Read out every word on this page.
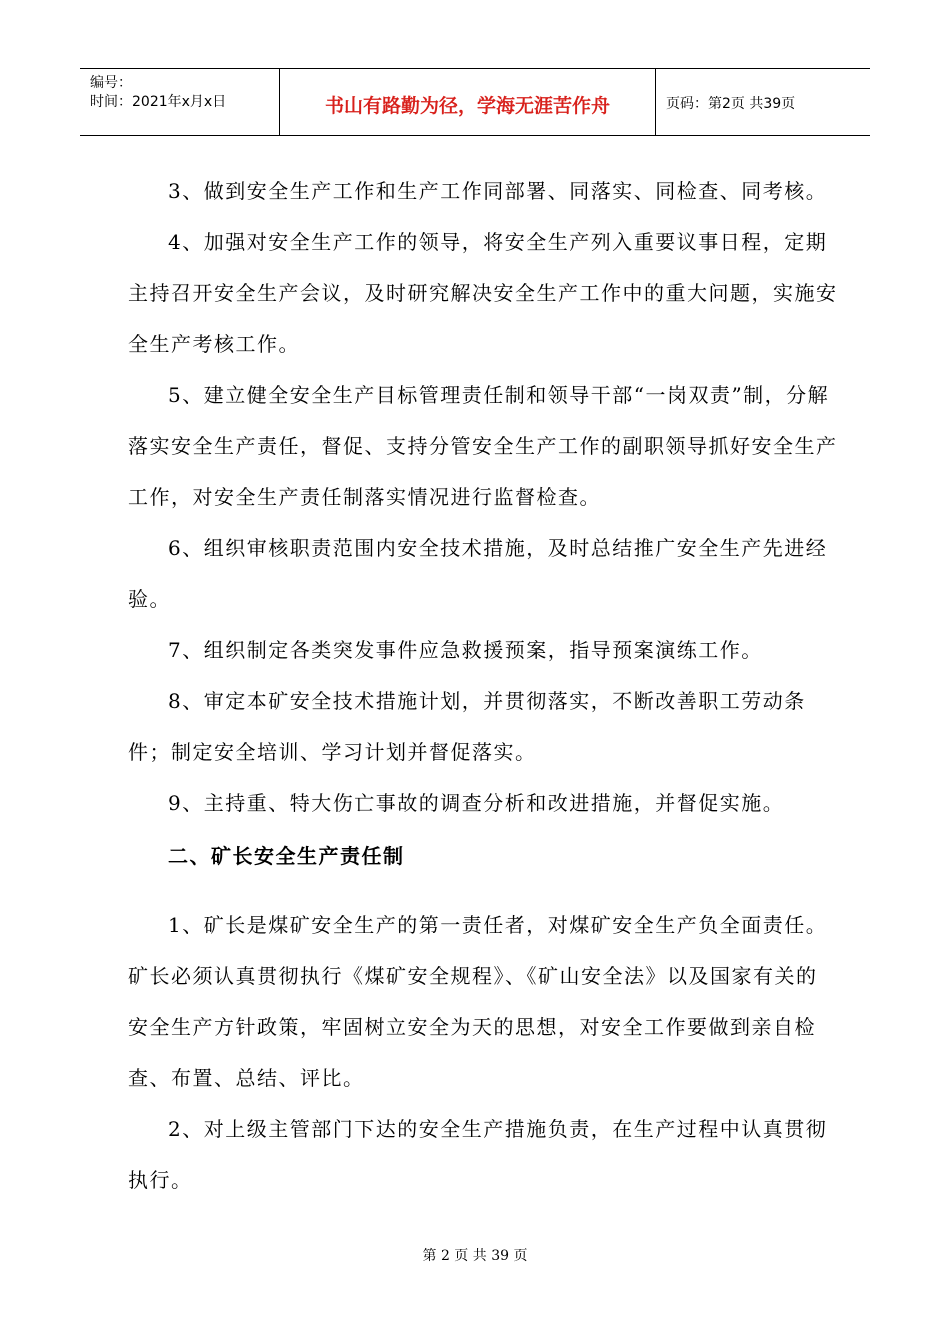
编号：
时间：2021年x月x日	书山有路勤为径，学海无涯苦作舟	页码：第2页 共39页

3、做到安全生产工作和生产工作同部署、同落实、同检查、同考核。

4、加强对安全生产工作的领导，将安全生产列入重要议事日程，定期主持召开安全生产会议，及时研究解决安全生产工作中的重大问题，实施安全生产考核工作。

5、建立健全安全生产目标管理责任制和领导干部“一岗双责”制，分解落实安全生产责任，督促、支持分管安全生产工作的副职领导抓好安全生产工作，对安全生产责任制落实情况进行监督检查。

6、组织审核职责范围内安全技术措施，及时总结推广安全生产先进经验。

7、组织制定各类突发事件应急救援预案，指导预案演练工作。

8、审定本矿安全技术措施计划，并贯彻落实，不断改善职工劳动条件；制定安全培训、学习计划并督促落实。

9、主持重、特大伤亡事故的调查分析和改进措施，并督促实施。

二、矿长安全生产责任制

1、矿长是煤矿安全生产的第一责任者，对煤矿安全生产负全面责任。矿长必须认真贯彻执行《煤矿安全规程》、《矿山安全法》以及国家有关的安全生产方针政策，牢固树立安全为天的思想，对安全工作要做到亲自检查、布置、总结、评比。

2、对上级主管部门下达的安全生产措施负责，在生产过程中认真贯彻执行。

第 2 页 共 39 页
